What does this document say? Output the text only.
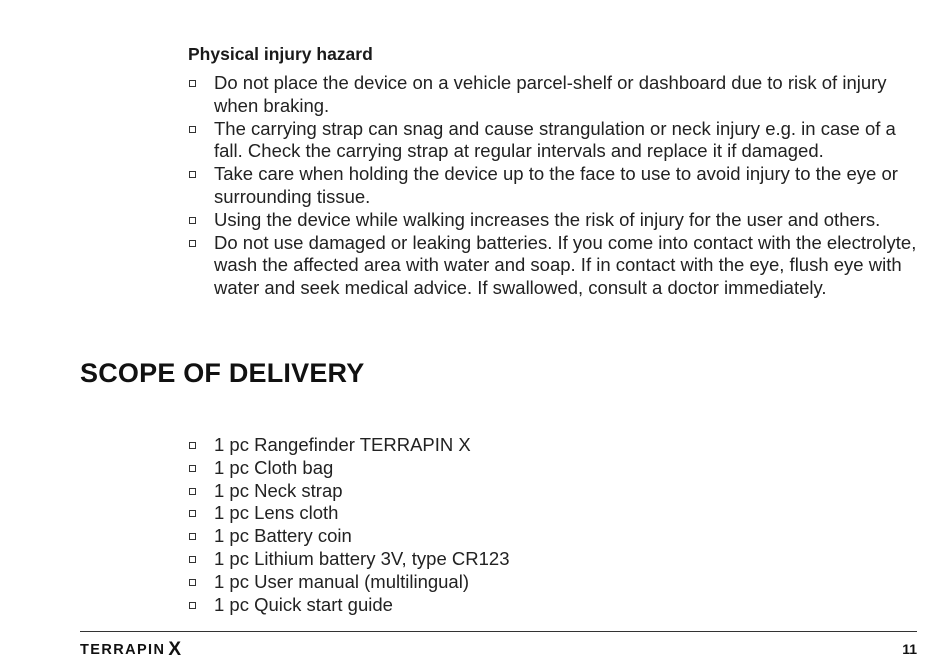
Physical injury hazard
Do not place the device on a vehicle parcel-shelf or dashboard due to risk of injury when braking.
The carrying strap can snag and cause strangulation or neck injury e.g. in case of a fall. Check the carrying strap at regular intervals and replace it if damaged.
Take care when holding the device up to the face to use to avoid injury to the eye or surrounding tissue.
Using the device while walking increases the risk of injury for the user and others.
Do not use damaged or leaking batteries. If you come into contact with the electrolyte, wash the affected area with water and soap. If in contact with the eye, flush eye with water and seek medical advice. If swallowed, consult a doctor immediately.
SCOPE OF DELIVERY
1 pc Rangefinder TERRAPIN X
1 pc Cloth bag
1 pc Neck strap
1 pc Lens cloth
1 pc Battery coin
1 pc Lithium battery 3V, type CR123
1 pc User manual (multilingual)
1 pc Quick start guide
TERRAPIN X	11
